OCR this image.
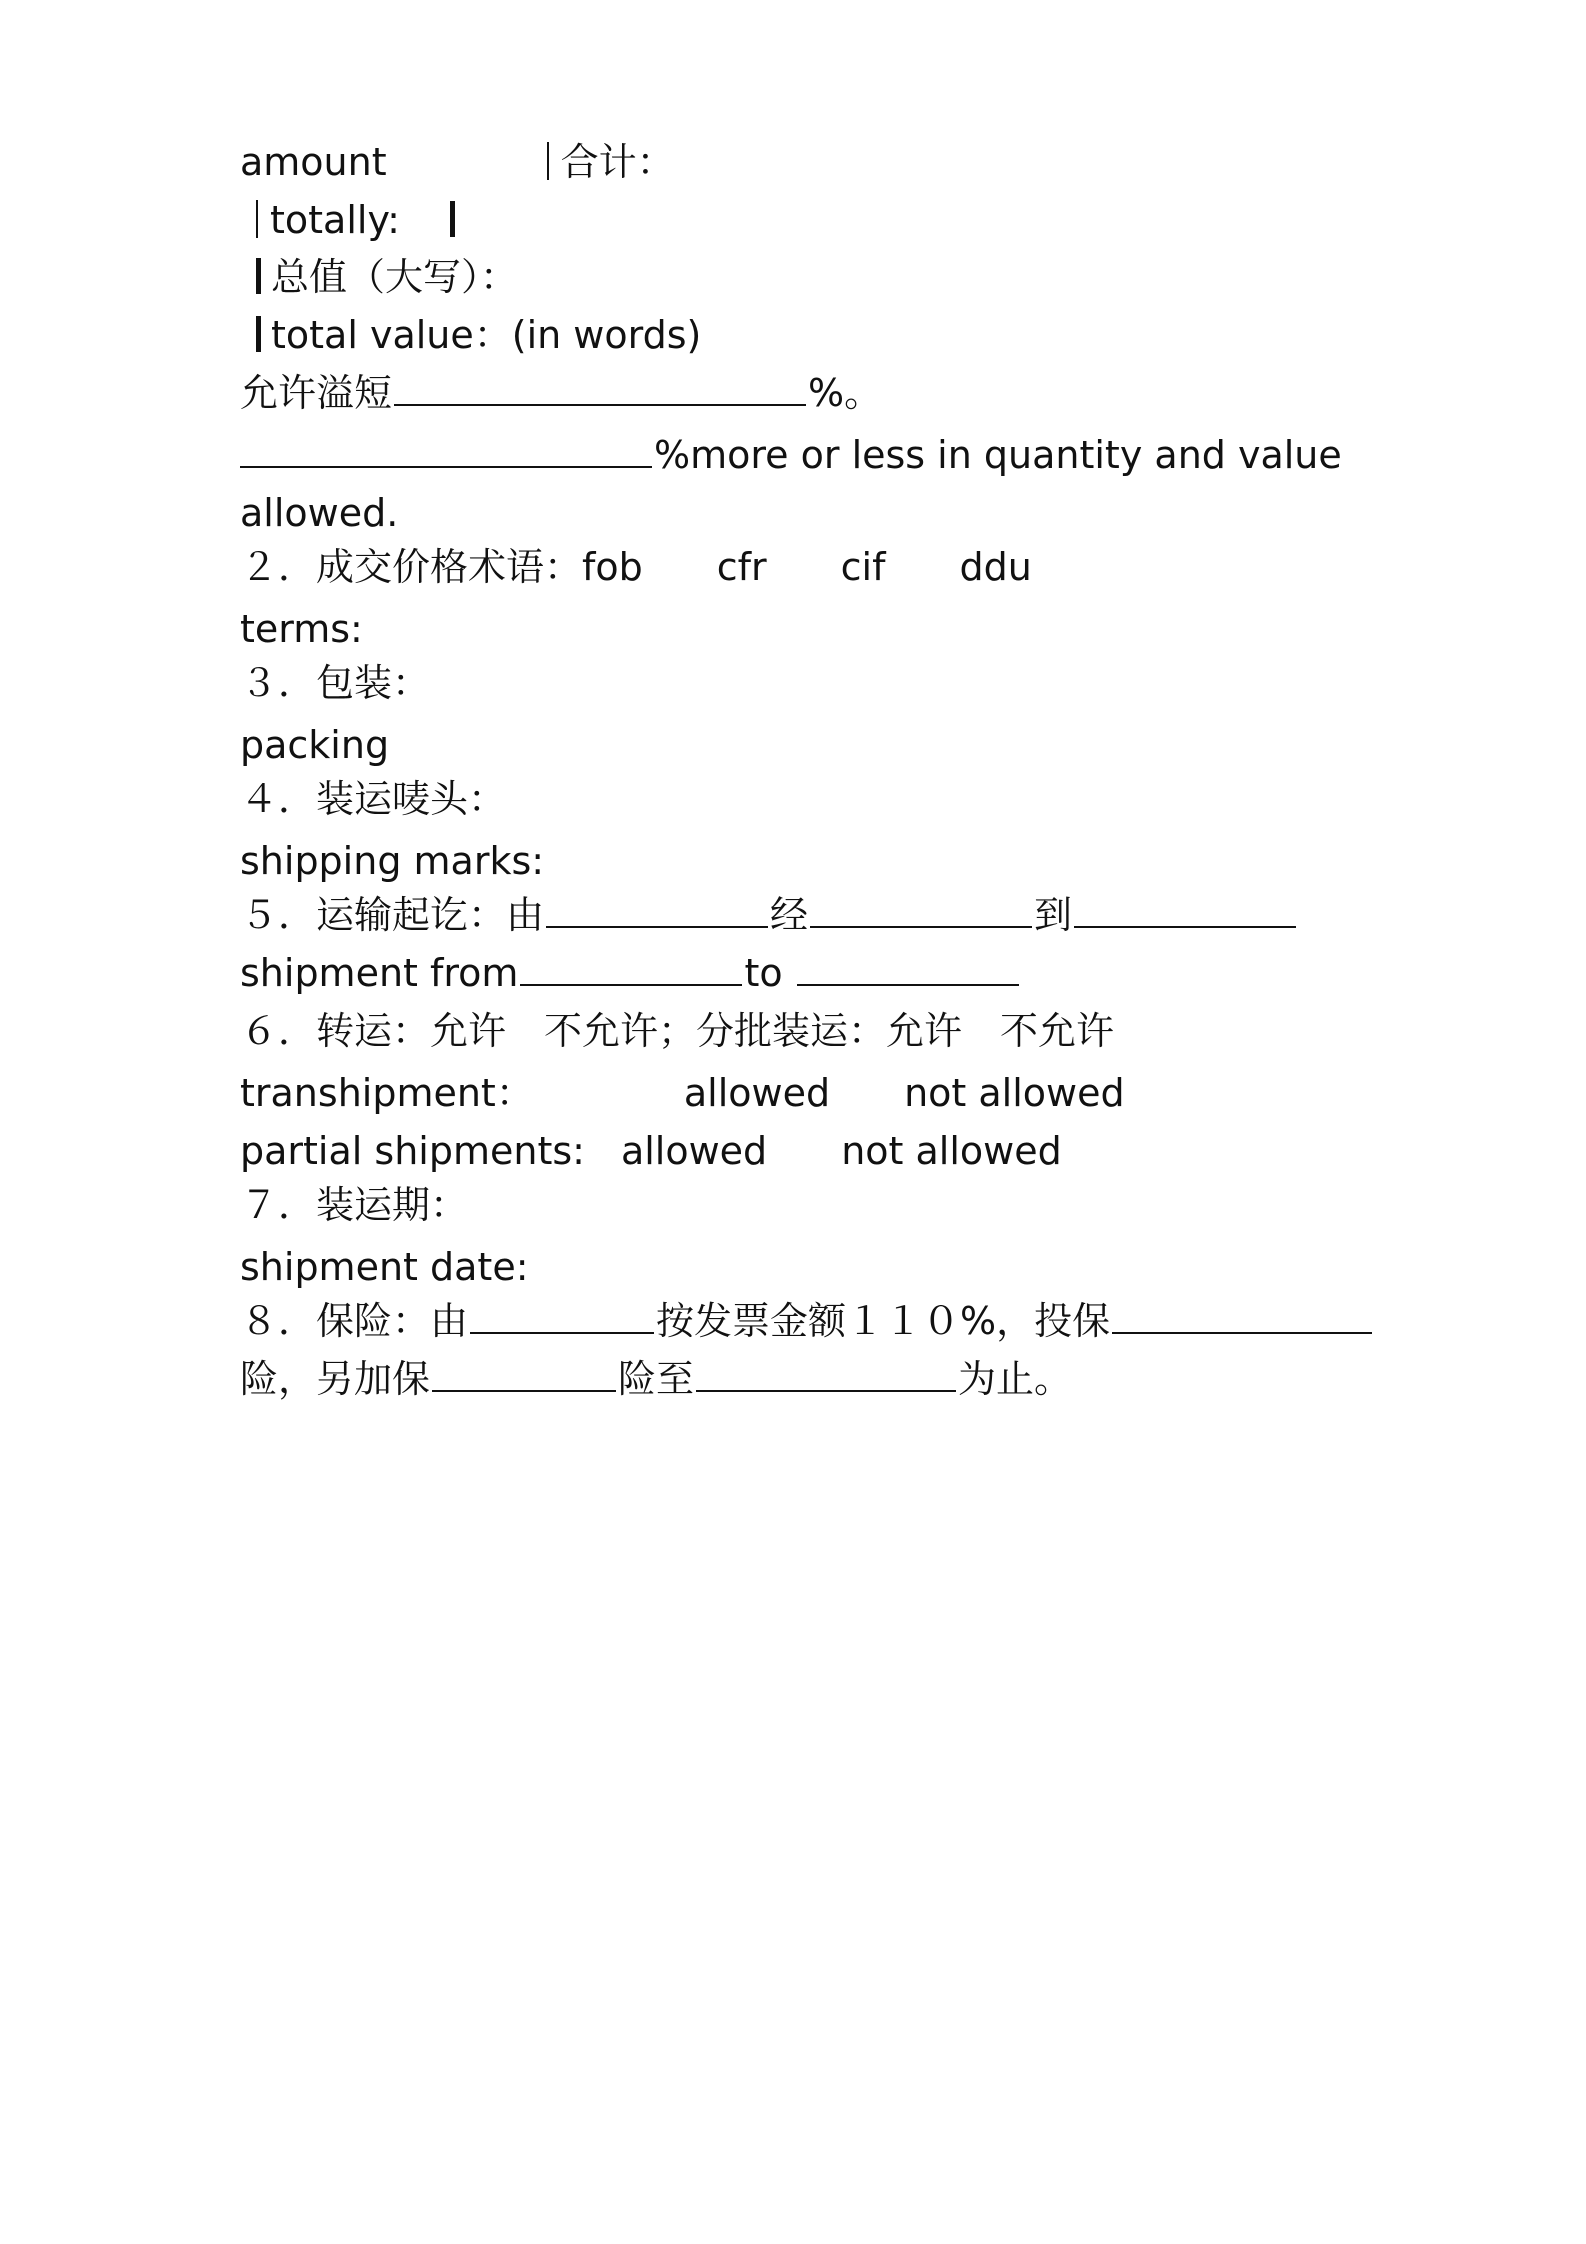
amount	合计：
totally:
总值（大写）：
total value：(in words)
允许溢短	%。
%more or less in quantity and value
allowed.
２．成交价格术语：fob cfr cif ddu
terms:
３．包装：
packing
４．装运唛头：
shipping marks:
５．运输起讫：由	经	到
shipment from	to
６．转运：允许　不允许；分批装运：允许　不允许
transhipment：	allowed not allowed
partial shipments: allowed not allowed
７．装运期：
shipment date:
８．保险：由	按发票金额１１０%，投保
险，另加保	险至	为止。
